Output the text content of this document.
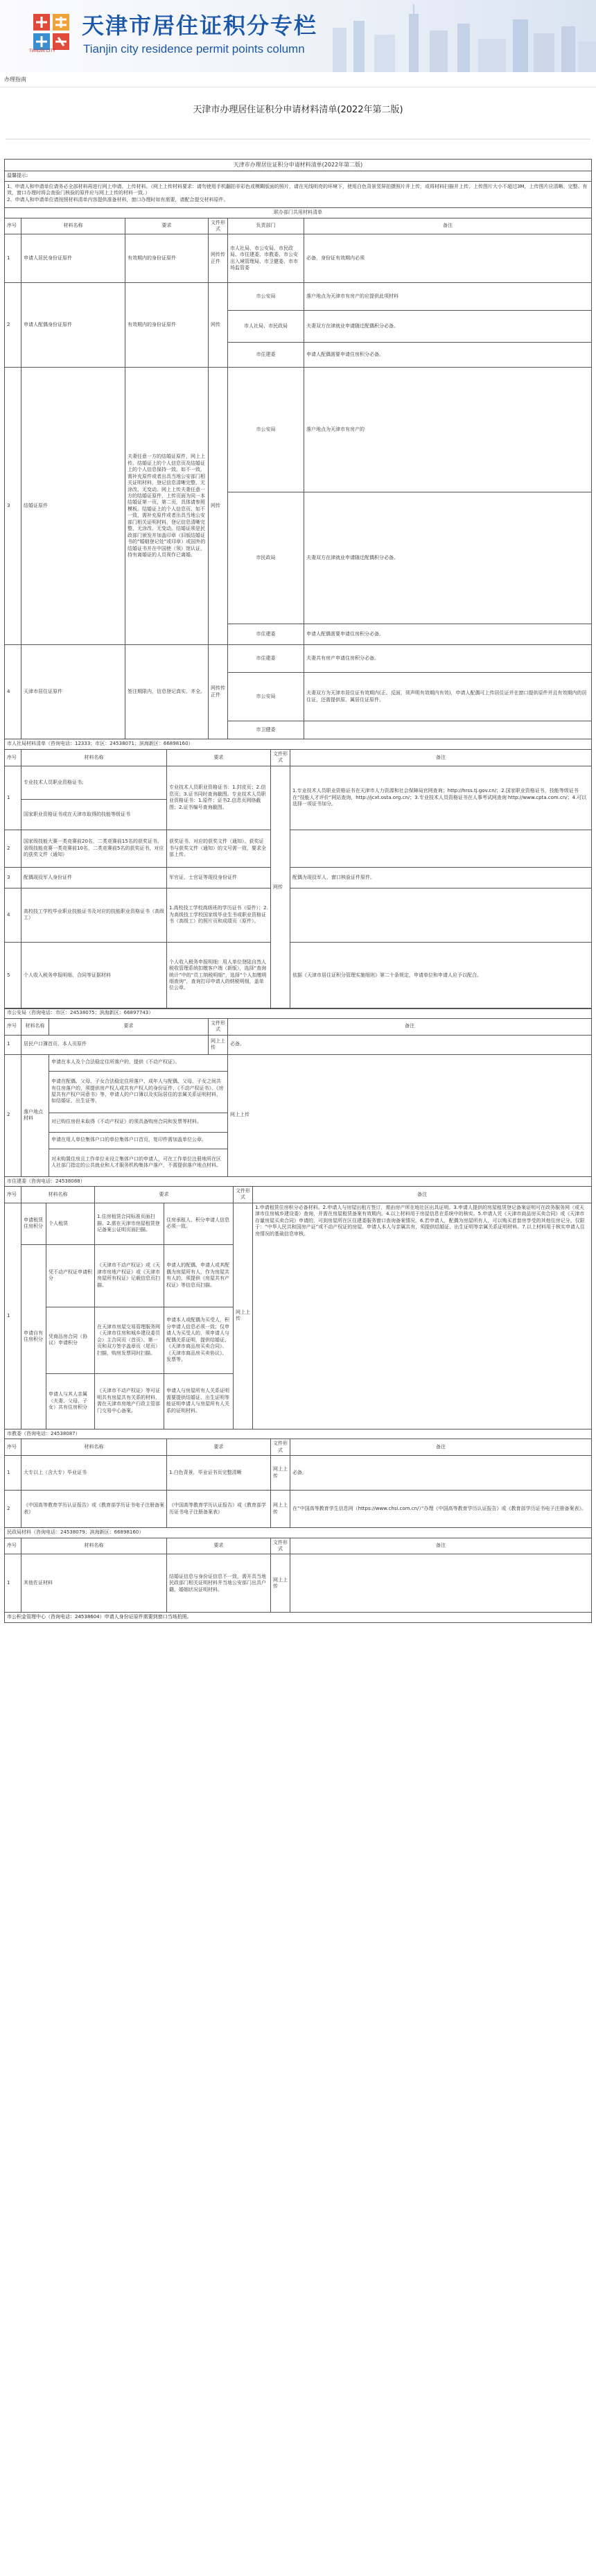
TIANJIN CITY
天津市居住证积分专栏
Tianjin city residence permit points column
办理指南
天津市办理居住证积分申请材料清单(2022年第二版)
天津市办理居住证积分申请材料清单(2022年第二版)					
温馨提示:					

1、申请人和申请单位请务必全部材料再进行网上申请、上传材料。（网上上传材料要求：请勿使用手机翻拍非彩色或模糊版面的照片，请在光线明亮的环境下，使用白色背景竖屏拍摄照片并上传，或将材料扫描并上传，上传图片大小不超过3M，上传图片应清晰、完整、有效，窗口办理时将会查验门核验的原件应与网上上传的材料一致。）

2、申请人和申请单位请按照材料清单内容提供准备材料，窗口办理时如有需要，请配合提交材料原件。					

联办部门共用材料清单					
序号	材料名称	要求	文件形式	负责部门	备注
1	申请人居民身份证原件	有效期内的身份证原件	网传传正件	市人社局、市公安局、市民政局、市住建委、市教委、市公安出入境管理局、市卫健委、市市场监管委	必备，身份证有效期内必须
2	申请人配偶身份证原件	有效期内的身份证原件	网传	市公安局	落户地点为天津市有房产的应提供此项材料
				市人社局、市民政局	夫妻双方在津就业申请随迁配偶积分必备。
				市住建委	申请人配偶需要申请住房积分必备。
3	结婚证原件	夫妻任意一方的结婚证原件，网上上传。结婚证上的个人信息页及结婚证上的个人信息保持一致。如不一致，需补充原件或者出具当地公安部门相关证明材料，登记信息清晰完整、无涂改、无变动。网上上传夫妻任意一方的结婚证原件，上传页面为同一本结婚证第一页、第二页，具体请参照模板。结婚证上的个人信息页、如不一致，需补充原件或者出具当地公安部门相关证明材料，登记信息清晰完整、无涂改、无变动。结婚证须是民政部门颁发并加盖印章（旧版结婚证书的“婚姻登记处”或印章）或国外的结婚证书并在中国使（领）馆认证，持有离婚证的人员视作已离婚。	网传	市公安局	落户地点为天津市有房产的
				市民政局	夫妻双方在津就业申请随迁配偶积分必备。
				市住建委	申请人配偶需要申请住房积分必备。
4	天津市居住证原件	签注期限内，信息登记真实、齐全。	网传传正件	市住建委	夫妻共有房产申请住房积分必备。
				市公安局	夫妻双方为天津市居住证有效期内(正、反面，须声明有效期内有效)，申请人配偶可上传居住证并在窗口提供原件并且有效期内的居住证，还需提供原、属居住证原件。
				市卫健委	
市人社局材料清单（咨询电话：12333；市区：24538071；滨海新区：66898160）				
序号	材料名称	要求	文件形式	备注
1	专业技术人员职业资格证书;	专业技术人员职业资格证书：1.封皮页；2.信息页；3.证书同时查询截图。专业技术人员职业资格证书：1.原件；证书2.信息页网络截图；2.证书编号查询截图。	网传	1.专业技术人员职业资格证书在天津市人力资源和社会保障局官网查询；http://hrss.tj.gov.cn/；2.国家职业资格证书，技能等级证书在“技能人才评价”网站查询，http://jcxt.osta.org.cn/；3.专业技术人员资格证书在人事考试网查询 http://www.cpta.com.cn/；4.可以选择一项证书加分。
	国家职业资格证书或在天津市取得的技能等级证书			
2	国家级技能大赛一类竞赛前20名，二类竞赛前15名的获奖证书。省级技能竞赛一类竞赛前10名，二类竞赛前5名的获奖证书，对应的获奖文件（通知）	获奖证书、对应的获奖文件（通知）。获奖证书与获奖文件（通知）的文号需一致，要求全部上传。		
3	配偶现役军人身份证件	军官证、士官证等现役身份证件		配偶为现役军人，窗口核验证件原件。
4	高校技工学校毕业职业技能证书及对应的技能职业资格证书（高级工）	1.高校技工学校高级班的学历证书（原件）；2.为高级技工学校国家级毕业生书或职业资格证书（高级工）的照片页和成绩页（原件）。		
5	个人收入税务申报明细、合同等证据材料	个人收入税务申报明细：用人单位登陆自然人税收管理系统扣缴客户端（新版），选择“查询统计”中的“员工纳税明细”，选择“个人扣缴明细查询”，查询打印申请人的纳税明细，盖单位公章。		依据《天津市居住证积分管理实施细则》第二十条规定，申请单位和申请人应予以配合。

市公安局（咨询电话：市区：24538075；滨海新区：66897743）				
序号	材料名称	要求	文件形式	备注
1	居民户口簿首页、本人页原件		网上上传	必备。
2	落户地点材料	申请在本人及个合法稳定住所落户的，提供《不动产权证》。		网上上传
		申请在配偶、父母、子女合法稳定住所落户、成年人与配偶、父母、子女之间共有住房落户的，须提供房产权人或共有产权人的身份证件、《不动产权证书》、《房屋共有产权户同意书》等，申请人的户口簿以及实际居住的亲属关系证明材料，如结婚证、出生证等。		
		对已购住房但未取得《不动产权证》的须具备购房合同和发票等材料。		
		申请在用人单位集体户口的单位集体户口首页，复印件需加盖单位公章。		
		对未购置住房且工作单位未设立集体户口的申请人，可在工作单位注册地所在区人社部门指定的公共就业和人才服务机构集体户落户，不需提供落户地点材料。		
市住建委（咨询电话：24538088）						
序号	材料名称		要求		文件形式	备注
1	申请租赁住房积分	个人租赁	1.住房租赁合同标准页面扫描。2.需在天津市房屋租赁登记备案公证明页面扫描。	住房承租人、积分申请人信息必须一致。	网上上传	1.申请租赁住房积分必备材料。2.申请人与房屋出租方签订，需由房产所在地社区出具证明。3.申请人提供的房屋租赁登记备案证明可在政务服务网（或天津市住房城乡建设委）查询，并需在房屋租赁备案有效期内。4.以上材料用于房屋信息在系统中的核实。5.申请人凭《天津市商品房买卖合同》或《天津市存量房屋买卖合同》申请的，可到房屋所在区住建委服务窗口查询备案情况。6.若申请人，配偶为房屋所有人，可以购买首套房享受的其他住房记分。仅限于：“中华人民共和国房产证”或不动产权证的房屋。申请人本人与亲属共有，须提供结婚证、出生证明等亲属关系证明材料。7.以上材料用于核实申请人住房情况的基础信息审核。
	申请自有住房积分	凭不动产权证申请积分	《天津市不动产权证》或《天津市房地产权证》或《天津市房屋所有权证》记载信息页扫描。	申请人的配偶、申请人或其配偶为房屋所有人，作为房屋共有人的，须提供《房屋共有产权证》等信息页扫描。		
		凭商品房合同（协议）申请积分	在天津市房屋交易管理服务网（天津市住房和城乡建设委员会）主合同页（首页）、第一页和双方签字盖章页（尾页）扫描，购房发票同时扫描。	申请本人或配偶为买受人，积分申请人信息必须一致；仅申请人为买受人的，须申请人与配偶关系证明，提供结婚证、《天津市商品房买卖合同》、《天津市商品房买卖协议》、发票等。		
		申请人与其人亲属（夫妻、父母、子女）共有住房积分	《天津市不动产权证》等可证明共有房屋共有关系的材料，需在天津市房地产行政主管部门交易中心备案。	申请人与房屋所有人关系证明需要提供结婚证、出生证明等能证明申请人与房屋所有人关系的证明材料。		
市教委（咨询电话：24538087）				
序号	材料名称	要求	文件形式	备注
1	大专以上（含大专）毕业证书	1.白色背景，毕业证书页完整清晰	网上上传	必备。
2	《中国高等教育学历认证报告》或《教育部学历证书电子注册备案表》	《中国高等教育学历认证报告》或《教育部学历证书电子注册备案表》	网上上传	在“中国高等教育学生信息网（https://www.chsi.com.cn/）”办理《中国高等教育学历认证报告》或《教育部学历证书电子注册备案表》。
民政局材料（咨询电话：24538079；滨海新区：66898160）				
序号	材料名称	要求	文件形式	备注
1	其他佐证材料	结婚证信息与身份证信息不一致，需开具当地民政部门相关证明材料并当地公安部门出具户籍、婚姻状况证明材料。	网上上传	
市公积金管理中心（咨询电话：24538604）申请人身份证原件需要到窗口当场拍照。				
